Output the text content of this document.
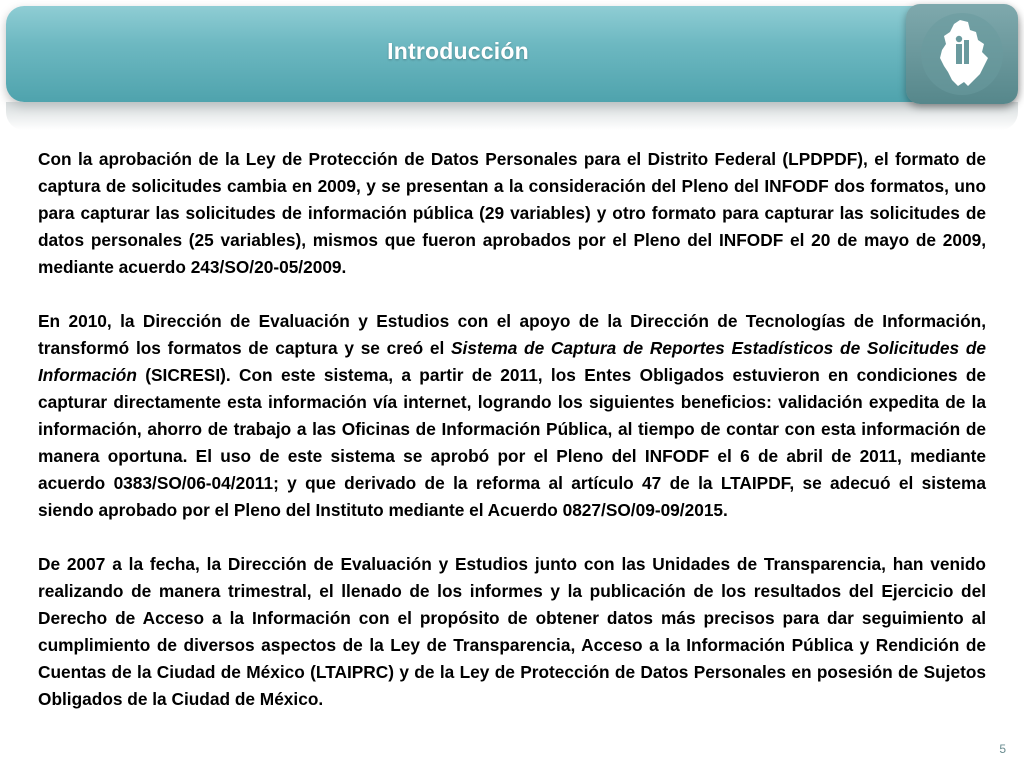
Introducción

Con la aprobación de la Ley de Protección de Datos Personales para el Distrito Federal (LPDPDF), el formato de captura de solicitudes cambia en 2009, y se presentan a la consideración del Pleno del INFODF dos formatos, uno para capturar las solicitudes de información pública (29 variables) y otro formato para capturar las solicitudes de datos personales (25 variables), mismos que fueron aprobados por el Pleno del INFODF el 20 de mayo de 2009, mediante acuerdo 243/SO/20-05/2009.

En 2010, la Dirección de Evaluación y Estudios con el apoyo de la Dirección de Tecnologías de Información, transformó los formatos de captura y se creó el Sistema de Captura de Reportes Estadísticos de Solicitudes de Información (SICRESI). Con este sistema, a partir de 2011, los Entes Obligados estuvieron en condiciones de capturar directamente esta información vía internet, logrando los siguientes beneficios: validación expedita de la información, ahorro de trabajo a las Oficinas de Información Pública, al tiempo de contar con esta información de manera oportuna. El uso de este sistema se aprobó por el Pleno del INFODF el 6 de abril de 2011, mediante acuerdo 0383/SO/06-04/2011; y que derivado de la reforma al artículo 47 de la LTAIPDF, se adecuó el sistema siendo aprobado por el Pleno del Instituto mediante el Acuerdo 0827/SO/09-09/2015.

De 2007 a la fecha, la Dirección de Evaluación y Estudios junto con las Unidades de Transparencia, han venido realizando de manera trimestral, el llenado de los informes y la publicación de los resultados del Ejercicio del Derecho de Acceso a la Información con el propósito de obtener datos más precisos para dar seguimiento al cumplimiento de diversos aspectos de la Ley de Transparencia, Acceso a la Información Pública y Rendición de Cuentas de la Ciudad de México (LTAIPRC) y de la Ley de Protección de Datos Personales en posesión de Sujetos Obligados de la Ciudad de México.

5
